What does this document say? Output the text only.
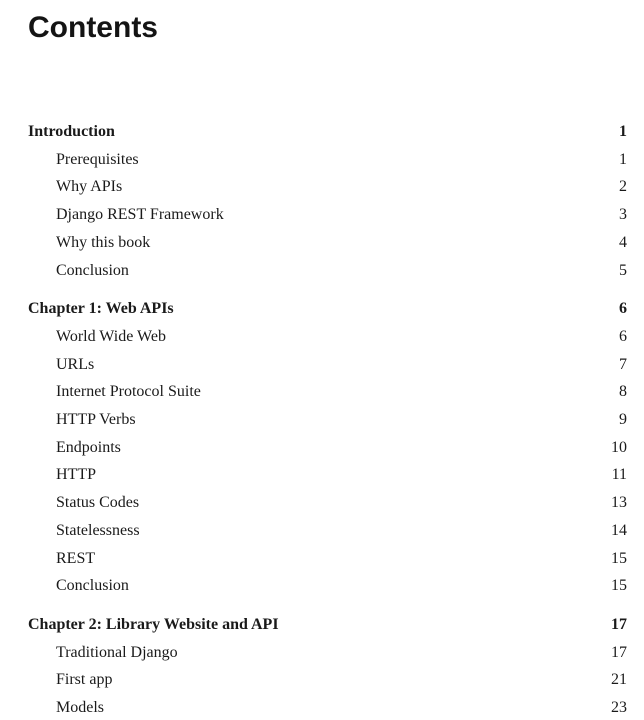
Contents
Introduction	1
Prerequisites	1
Why APIs	2
Django REST Framework	3
Why this book	4
Conclusion	5
Chapter 1: Web APIs	6
World Wide Web	6
URLs	7
Internet Protocol Suite	8
HTTP Verbs	9
Endpoints	10
HTTP	11
Status Codes	13
Statelessness	14
REST	15
Conclusion	15
Chapter 2: Library Website and API	17
Traditional Django	17
First app	21
Models	23
